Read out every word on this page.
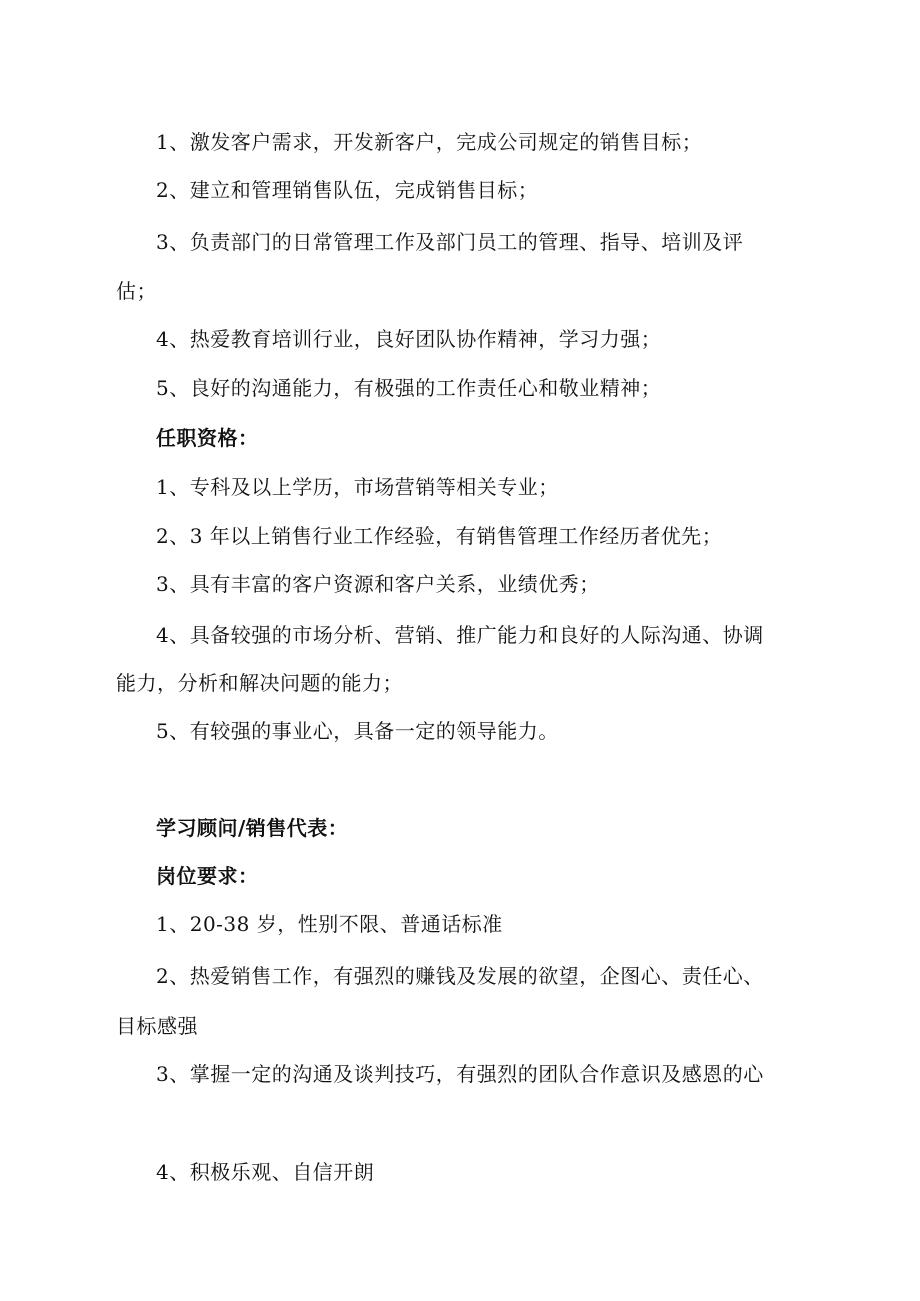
1、激发客户需求，开发新客户，完成公司规定的销售目标；
2、建立和管理销售队伍，完成销售目标；
3、负责部门的日常管理工作及部门员工的管理、指导、培训及评
估；
4、热爱教育培训行业，良好团队协作精神，学习力强；
5、良好的沟通能力，有极强的工作责任心和敬业精神；
任职资格：
1、专科及以上学历，市场营销等相关专业；
2、3 年以上销售行业工作经验，有销售管理工作经历者优先；
3、具有丰富的客户资源和客户关系，业绩优秀；
4、具备较强的市场分析、营销、推广能力和良好的人际沟通、协调
能力，分析和解决问题的能力；
5、有较强的事业心，具备一定的领导能力。
学习顾问/销售代表：
岗位要求：
1、20-38 岁，性别不限、普通话标准
2、热爱销售工作，有强烈的赚钱及发展的欲望，企图心、责任心、
目标感强
3、掌握一定的沟通及谈判技巧，有强烈的团队合作意识及感恩的心
4、积极乐观、自信开朗
